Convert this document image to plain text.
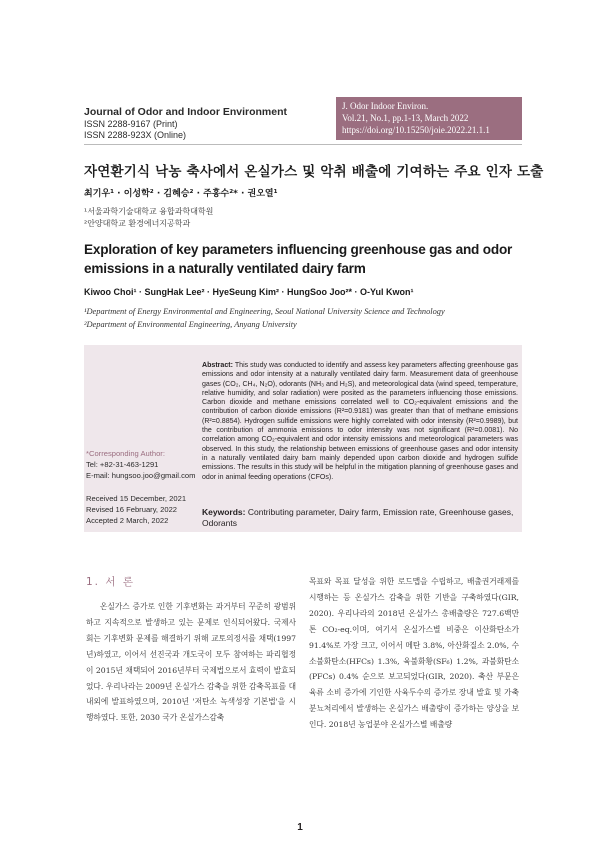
Journal of Odor and Indoor Environment
ISSN 2288-9167 (Print)
ISSN 2288-923X (Online)
J. Odor Indoor Environ.
Vol.21, No.1, pp.1-13, March 2022
https://doi.org/10.15250/joie.2022.21.1.1
자연환기식 낙농 축사에서 온실가스 및 악취 배출에 기여하는 주요 인자 도출
최기우¹ · 이성학² · 김혜승² · 주홍수²* · 권오열¹
¹서울과학기술대학교 융합과학대학원
²안양대학교 환경에너지공학과
Exploration of key parameters influencing greenhouse gas and odor emissions in a naturally ventilated dairy farm
Kiwoo Choi¹ · SungHak Lee² · HyeSeung Kim² · HungSoo Joo²* · O-Yul Kwon¹
¹Department of Energy Environmental and Engineering, Seoul National University Science and Technology
²Department of Environmental Engineering, Anyang University
*Corresponding Author:
Tel: +82-31-463-1291
E-mail: hungsoo.joo@gmail.com
Received 15 December, 2021
Revised 16 February, 2022
Accepted 2 March, 2022
Abstract: This study was conducted to identify and assess key parameters affecting greenhouse gas emissions and odor intensity at a naturally ventilated dairy farm. Measurement data of greenhouse gases (CO₂, CH₄, N₂O), odorants (NH₃ and H₂S), and meteorological data (wind speed, temperature, relative humidity, and solar radiation) were posited as the parameters influencing those emissions. Carbon dioxide and methane emissions correlated well to CO₂-equivalent emissions and the contribution of carbon dioxide emissions (R²=0.9181) was greater than that of methane emissions (R²=0.8854). Hydrogen sulfide emissions were highly correlated with odor intensity (R²=0.9989), but the contribution of ammonia emissions to odor intensity was not significant (R²=0.0081). No correlation among CO₂-equivalent and odor intensity emissions and meteorological parameters was observed. In this study, the relationship between emissions of greenhouse gases and odor intensity in a naturally ventilated dairy barn mainly depended upon carbon dioxide and hydrogen sulfide emissions. The results in this study will be helpful in the mitigation planning of greenhouse gases and odor in animal feeding operations (CFOs).
Keywords: Contributing parameter, Dairy farm, Emission rate, Greenhouse gases, Odorants
1. 서 론
온실가스 증가로 인한 기후변화는 과거부터 꾸준히 광범위하고 지속적으로 발생하고 있는 문제로 인식되어왔다. 국제사회는 기후변화 문제를 해결하기 위해 교토의정서를 채택(1997년)하였고, 이어서 선진국과 개도국이 모두 참여하는 파리협정이 2015년 채택되어 2016년부터 국제법으로서 효력이 발효되었다. 우리나라는 2009년 온실가스 감축을 위한 감축목표를 대내외에 발표하였으며, 2010년 '저탄소 녹색성장 기본법'을 시행하였다. 또한, 2030 국가 온실가스감축
목표와 목표 달성을 위한 로드맵을 수립하고, 배출권거래제를 시행하는 등 온실가스 감축을 위한 기반을 구축하였다(GIR, 2020). 우리나라의 2018년 온실가스 총배출량은 727.6백만톤 CO₂-eq.이며, 여기서 온실가스별 비중은 이산화탄소가 91.4%로 가장 크고, 이어서 메탄 3.8%, 아산화질소 2.0%, 수소불화탄소(HFCs) 1.3%, 육불화황(SF₆) 1.2%, 과불화탄소(PFCs) 0.4% 순으로 보고되었다(GIR, 2020). 축산 부문은 육류 소비 증가에 기인한 사육두수의 증가로 장내 발효 및 가축분뇨처리에서 발생하는 온실가스 배출량이 증가하는 양상을 보인다. 2018년 농업분야 온실가스별 배출량
1
